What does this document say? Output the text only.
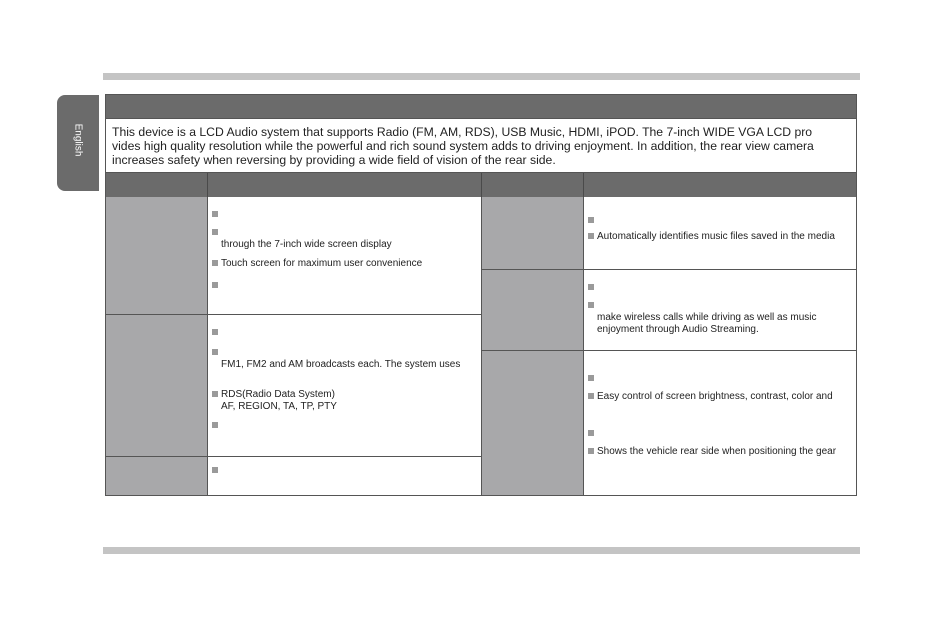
English This device is a LCD Audio system that supports Radio (FM, AM, RDS), USB Music, HDMI, iPOD. The 7-inch WIDE VGA LCD pro
vides high quality resolution while the powerful and rich sound system adds to driving enjoyment. In addition, the rear view camera
increases safety when reversing by providing a wide field of vision of the rear side.
through the 7-inch wide screen display
Touch screen for maximum user convenience
FM1, FM2 and AM broadcasts each. The system uses
RDS(Radio Data System)
AF, REGION, TA, TP, PTY
Automatically identifies music files saved in the media
make wireless calls while driving as well as music
enjoyment through Audio Streaming.
Easy control of screen brightness, contrast, color and
Shows the vehicle rear side when positioning the gear
